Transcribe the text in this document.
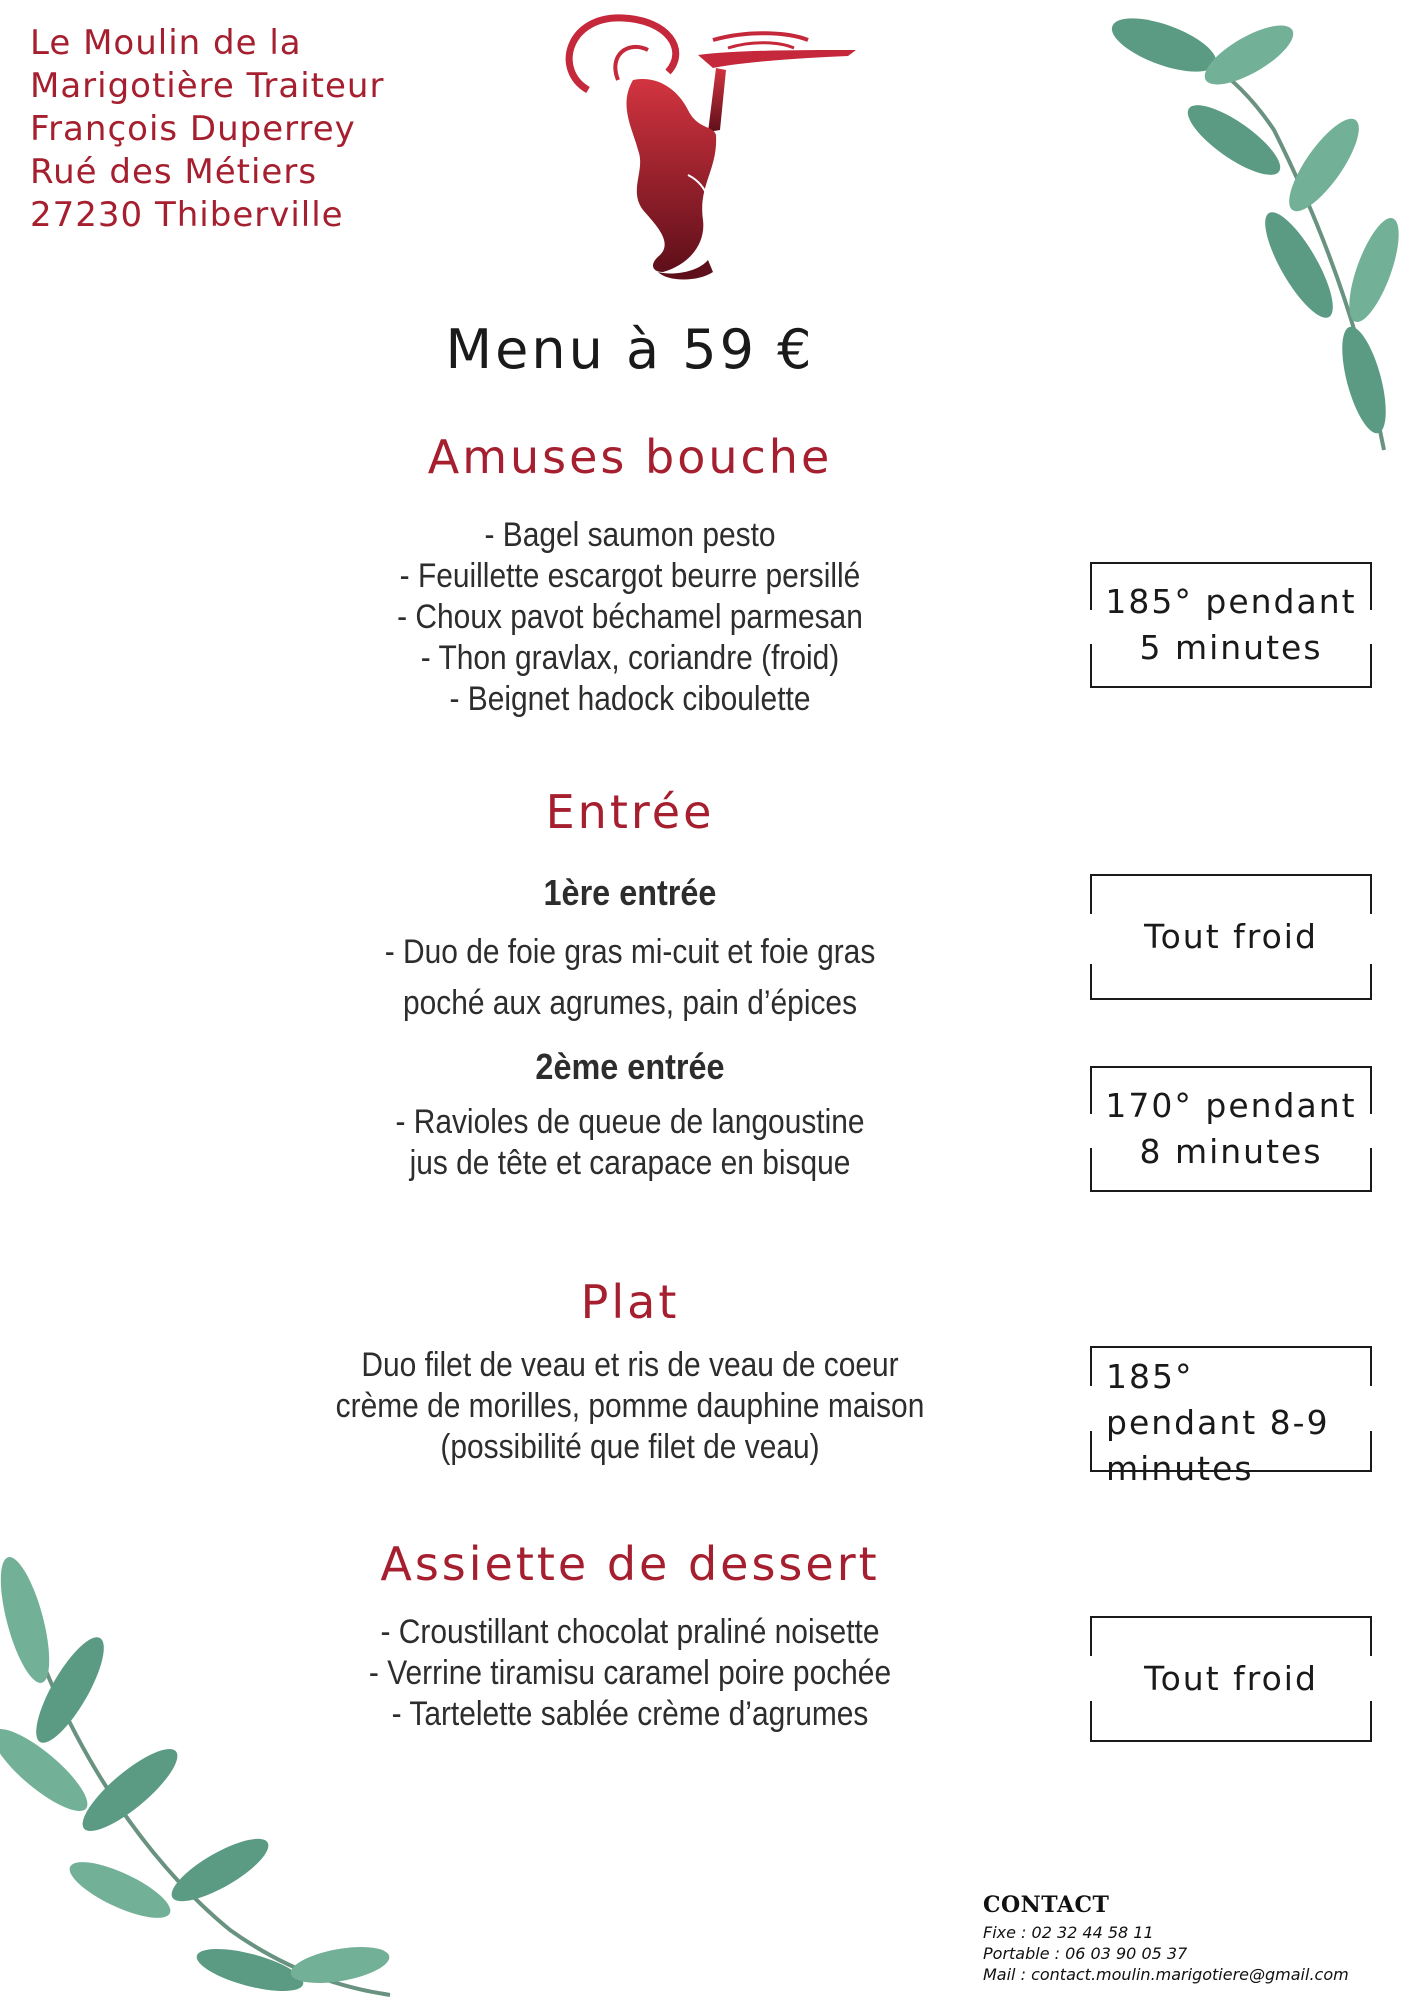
Le Moulin de la
Marigotière Traiteur
François Duperrey
Rué des Métiers
27230 Thiberville
Menu à 59 €
Amuses bouche
- Bagel saumon pesto
- Feuillette escargot beurre persillé
- Choux pavot béchamel parmesan
- Thon gravlax, coriandre (froid)
- Beignet hadock ciboulette
185° pendant
5 minutes
Entrée
1ère entrée
- Duo de foie gras mi-cuit et foie gras
poché aux agrumes, pain d’épices
Tout froid
2ème entrée
- Ravioles de queue de langoustine
jus de tête et carapace en bisque
170° pendant
8 minutes
Plat
Duo filet de veau et ris de veau de coeur
crème de morilles, pomme dauphine maison
(possibilité que filet de veau)
185°
pendant 8-9
minutes
Assiette de dessert
- Croustillant chocolat praliné noisette
- Verrine tiramisu caramel poire pochée
- Tartelette sablée crème d’agrumes
Tout froid
CONTACT
Fixe : 02 32 44 58 11
Portable : 06 03 90 05 37
Mail : contact.moulin.marigotiere@gmail.com
